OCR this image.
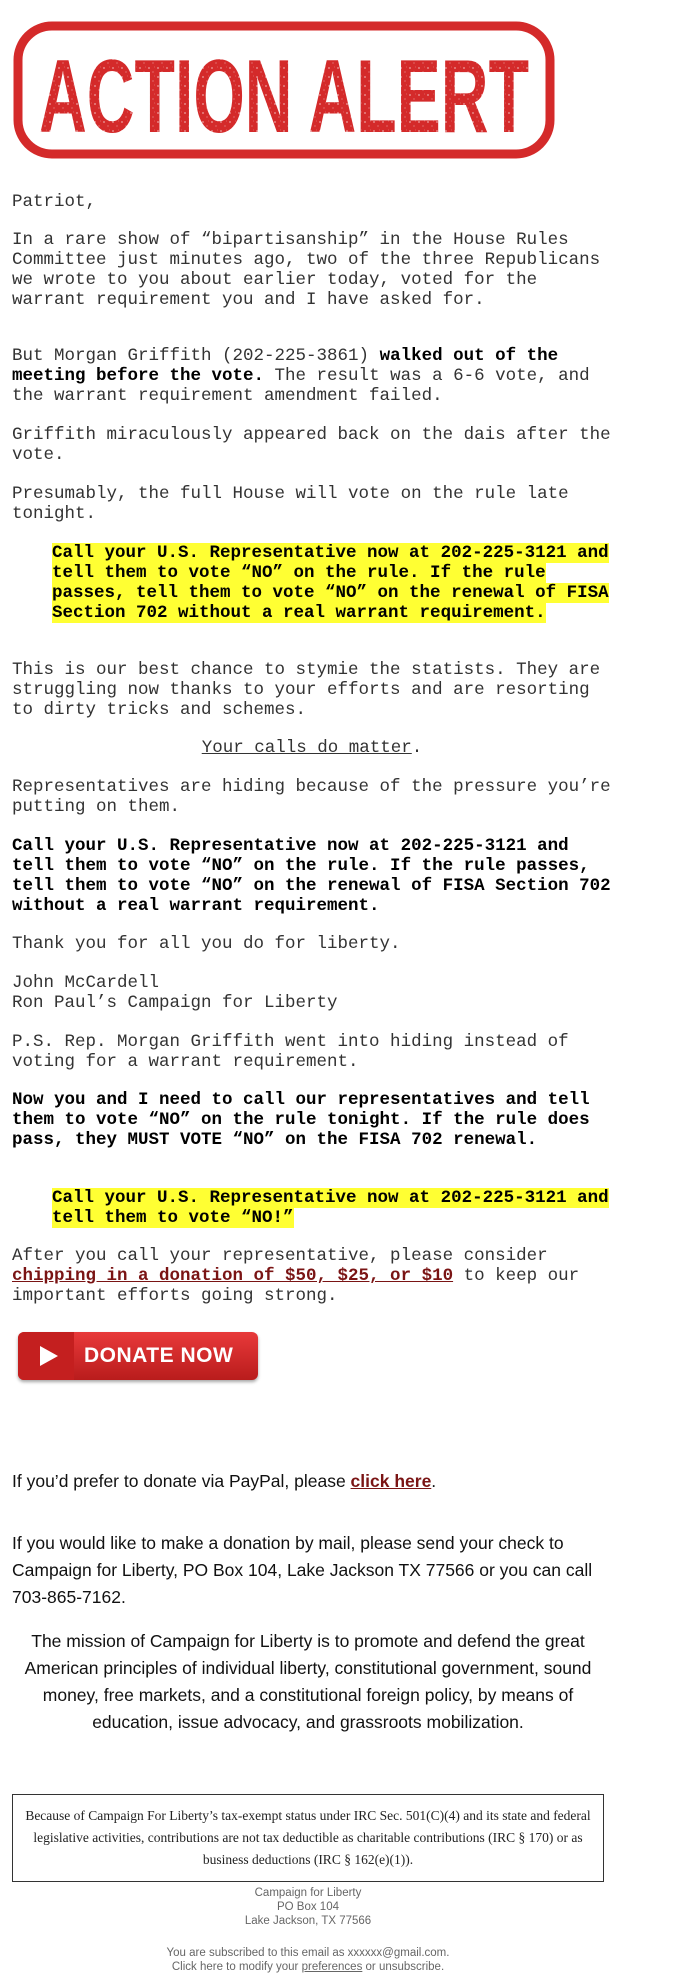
Patriot,

In a rare show of “bipartisanship” in the House Rules Committee just minutes ago, two of the three Republicans we wrote to you about earlier today, voted for the warrant requirement you and I have asked for.

But Morgan Griffith (202-225-3861) walked out of the meeting before the vote. The result was a 6-6 vote, and the warrant requirement amendment failed.

Griffith miraculously appeared back on the dais after the vote.

Presumably, the full House will vote on the rule late tonight.

Call your U.S. Representative now at 202-225-3121 and tell them to vote “NO” on the rule. If the rule passes, tell them to vote “NO” on the renewal of FISA Section 702 without a real warrant requirement.

This is our best chance to stymie the statists. They are struggling now thanks to your efforts and are resorting to dirty tricks and schemes.

Your calls do matter.

Representatives are hiding because of the pressure you’re putting on them.

Call your U.S. Representative now at 202-225-3121 and tell them to vote “NO” on the rule. If the rule passes, tell them to vote “NO” on the renewal of FISA Section 702 without a real warrant requirement.

Thank you for all you do for liberty.

John McCardell
Ron Paul’s Campaign for Liberty

P.S. Rep. Morgan Griffith went into hiding instead of voting for a warrant requirement.

Now you and I need to call our representatives and tell them to vote “NO” on the rule tonight. If the rule does pass, they MUST VOTE “NO” on the FISA 702 renewal.

Call your U.S. Representative now at 202-225-3121 and tell them to vote “NO!”

After you call your representative, please consider chipping in a donation of $50, $25, or $10 to keep our important efforts going strong.

DONATE NOW

If you’d prefer to donate via PayPal, please click here.

If you would like to make a donation by mail, please send your check to Campaign for Liberty, PO Box 104, Lake Jackson TX 77566 or you can call 703-865-7162.

The mission of Campaign for Liberty is to promote and defend the great American principles of individual liberty, constitutional government, sound money, free markets, and a constitutional foreign policy, by means of education, issue advocacy, and grassroots mobilization.

Because of Campaign For Liberty’s tax-exempt status under IRC Sec. 501(C)(4) and its state and federal legislative activities, contributions are not tax deductible as charitable contributions (IRC § 170) or as business deductions (IRC § 162(e)(1)).
Campaign for Liberty
PO Box 104
Lake Jackson, TX 77566
You are subscribed to this email as xxxxxx@gmail.com.
Click here to modify your preferences or unsubscribe.
